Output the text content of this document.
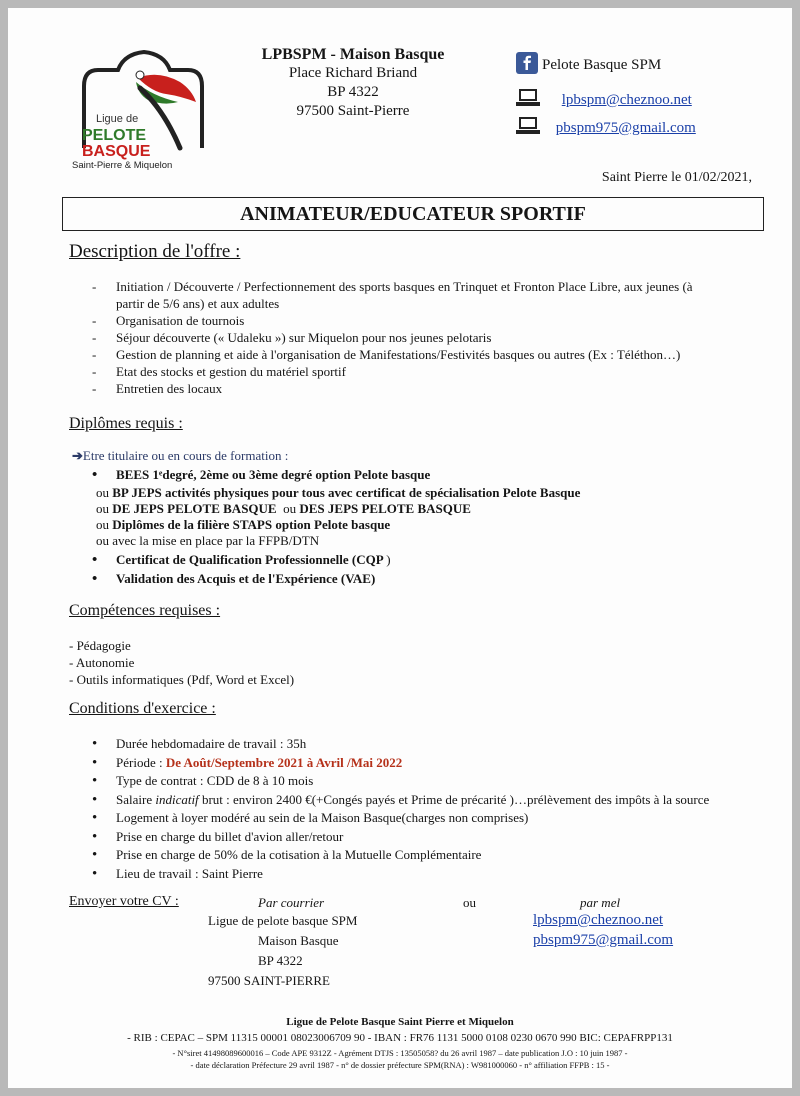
Ligue de
PELOTE
BASQUE
Saint-Pierre & Miquelon
LPBSPM - Maison Basque
Place Richard Briand
BP 4322
97500 Saint-Pierre
Pelote Basque SPM
lpbspm@cheznoo.net
pbspm975@gmail.com
Saint Pierre le 01/02/2021,
ANIMATEUR/EDUCATEUR SPORTIF
Description de l'offre :
- Initiation / Découverte / Perfectionnement des sports basques en Trinquet et Fronton Place Libre, aux jeunes (à
partir de 5/6 ans) et aux adultes
- Organisation de tournois
- Séjour découverte (« Udaleku ») sur Miquelon pour nos jeunes pelotaris
- Gestion de planning et aide à l'organisation de Manifestations/Festivités basques ou autres (Ex : Téléthon…)
- Etat des stocks et gestion du matériel sportif
- Entretien des locaux
Diplômes requis :
➔Etre titulaire ou en cours de formation :
• BEES 1ᵉdegré, 2ème ou 3ème degré option Pelote basque
ou BP JEPS activités physiques pour tous avec certificat de spécialisation Pelote Basque
ou DE JEPS PELOTE BASQUE ou DES JEPS PELOTE BASQUE
ou Diplômes de la filière STAPS option Pelote basque
ou avec la mise en place par la FFPB/DTN
• Certificat de Qualification Professionnelle (CQP )
• Validation des Acquis et de l'Expérience (VAE)
Compétences requises :
- Pédagogie
- Autonomie
- Outils informatiques (Pdf, Word et Excel)
Conditions d'exercice :
• Durée hebdomadaire de travail : 35h
• Période : De Août/Septembre 2021 à Avril /Mai 2022
• Type de contrat : CDD de 8 à 10 mois
• Salaire indicatif brut : environ 2400 €(+Congés payés et Prime de précarité )…prélèvement des impôts à la source
• Logement à loyer modéré au sein de la Maison Basque(charges non comprises)
• Prise en charge du billet d'avion aller/retour
• Prise en charge de 50% de la cotisation à la Mutuelle Complémentaire
• Lieu de travail : Saint Pierre
Envoyer votre CV :	Par courrier	ou	par mel
Ligue de pelote basque SPM
Maison Basque
BP 4322
97500 SAINT-PIERRE
lpbspm@cheznoo.net
pbspm975@gmail.com
Ligue de Pelote Basque Saint Pierre et Miquelon
- RIB : CEPAC – SPM 11315 00001 08023006709 90 - IBAN : FR76 1131 5000 0108 0230 0670 990 BIC: CEPAFRPP131
- N°siret 41498089600016 – Code APE 9312Z - Agrément DTJS : 13505058? du 26 avril 1987 – date publication J.O : 10 juin 1987 -
- date déclaration Préfecture 29 avril 1987 - n° de dossier préfecture SPM(RNA) : W981000060 - n° affiliation FFPB : 15 -
